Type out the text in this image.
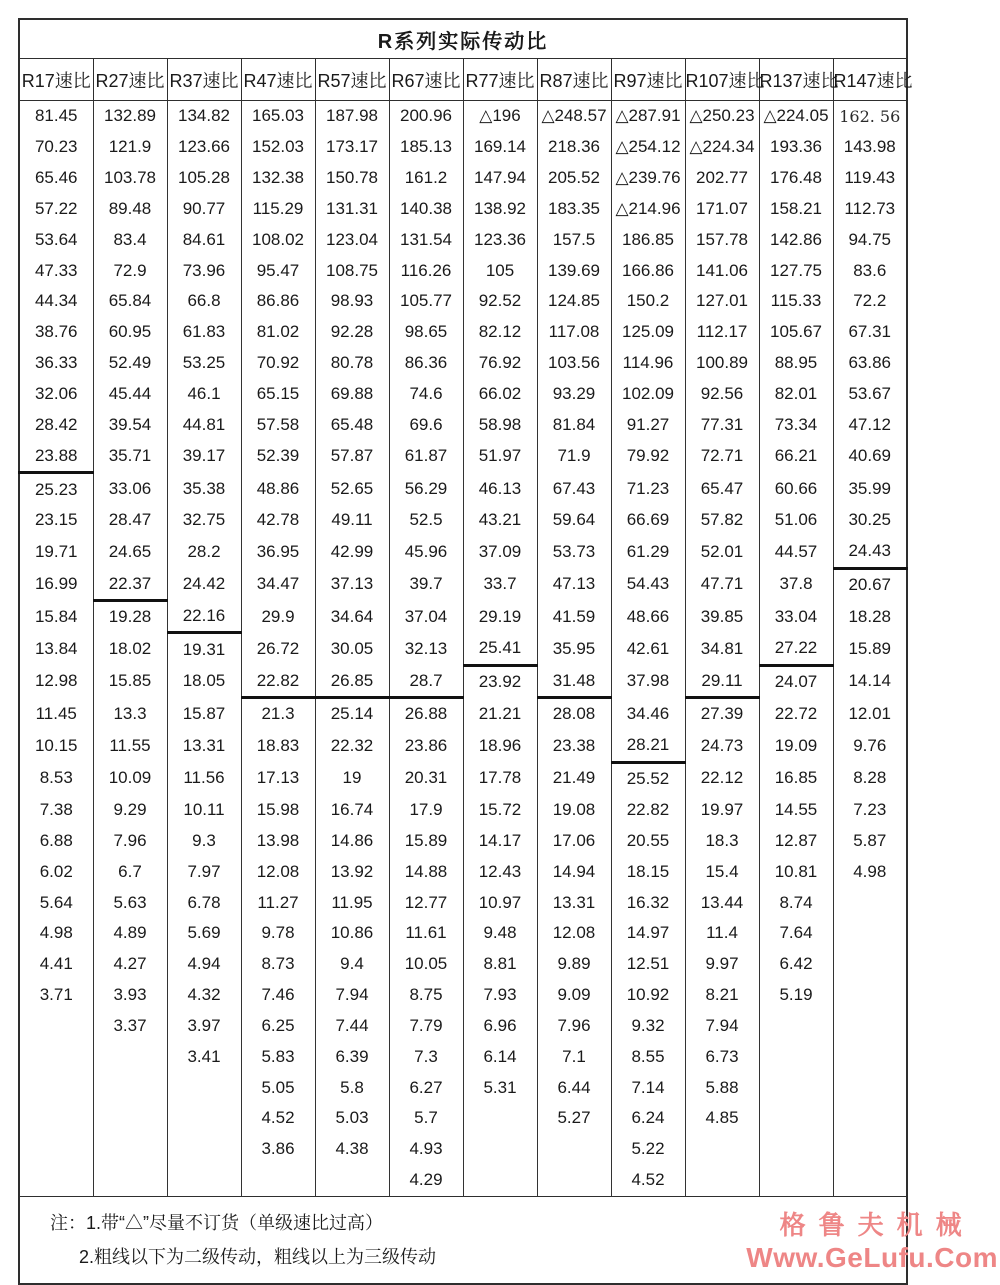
R系列实际传动比											
R17速比	R27速比	R37速比	R47速比	R57速比	R67速比	R77速比	R87速比	R97速比	R107速比	R137速比	R147速比
81.45	132.89	134.82	165.03	187.98	200.96	△196	△248.57	△287.91	△250.23	△224.05	162. 56
70.23	121.9	123.66	152.03	173.17	185.13	169.14	218.36	△254.12	△224.34	193.36	143.98
65.46	103.78	105.28	132.38	150.78	161.2	147.94	205.52	△239.76	202.77	176.48	119.43
57.22	89.48	90.77	115.29	131.31	140.38	138.92	183.35	△214.96	171.07	158.21	112.73
53.64	83.4	84.61	108.02	123.04	131.54	123.36	157.5	186.85	157.78	142.86	94.75
47.33	72.9	73.96	95.47	108.75	116.26	105	139.69	166.86	141.06	127.75	83.6
44.34	65.84	66.8	86.86	98.93	105.77	92.52	124.85	150.2	127.01	115.33	72.2
38.76	60.95	61.83	81.02	92.28	98.65	82.12	117.08	125.09	112.17	105.67	67.31
36.33	52.49	53.25	70.92	80.78	86.36	76.92	103.56	114.96	100.89	88.95	63.86
32.06	45.44	46.1	65.15	69.88	74.6	66.02	93.29	102.09	92.56	82.01	53.67
28.42	39.54	44.81	57.58	65.48	69.6	58.98	81.84	91.27	77.31	73.34	47.12
23.88	35.71	39.17	52.39	57.87	61.87	51.97	71.9	79.92	72.71	66.21	40.69
25.23	33.06	35.38	48.86	52.65	56.29	46.13	67.43	71.23	65.47	60.66	35.99
23.15	28.47	32.75	42.78	49.11	52.5	43.21	59.64	66.69	57.82	51.06	30.25
19.71	24.65	28.2	36.95	42.99	45.96	37.09	53.73	61.29	52.01	44.57	24.43
16.99	22.37	24.42	34.47	37.13	39.7	33.7	47.13	54.43	47.71	37.8	20.67
15.84	19.28	22.16	29.9	34.64	37.04	29.19	41.59	48.66	39.85	33.04	18.28
13.84	18.02	19.31	26.72	30.05	32.13	25.41	35.95	42.61	34.81	27.22	15.89
12.98	15.85	18.05	22.82	26.85	28.7	23.92	31.48	37.98	29.11	24.07	14.14
11.45	13.3	15.87	21.3	25.14	26.88	21.21	28.08	34.46	27.39	22.72	12.01
10.15	11.55	13.31	18.83	22.32	23.86	18.96	23.38	28.21	24.73	19.09	9.76
8.53	10.09	11.56	17.13	19	20.31	17.78	21.49	25.52	22.12	16.85	8.28
7.38	9.29	10.11	15.98	16.74	17.9	15.72	19.08	22.82	19.97	14.55	7.23
6.88	7.96	9.3	13.98	14.86	15.89	14.17	17.06	20.55	18.3	12.87	5.87
6.02	6.7	7.97	12.08	13.92	14.88	12.43	14.94	18.15	15.4	10.81	4.98
5.64	5.63	6.78	11.27	11.95	12.77	10.97	13.31	16.32	13.44	8.74	
4.98	4.89	5.69	9.78	10.86	11.61	9.48	12.08	14.97	11.4	7.64	
4.41	4.27	4.94	8.73	9.4	10.05	8.81	9.89	12.51	9.97	6.42	
3.71	3.93	4.32	7.46	7.94	8.75	7.93	9.09	10.92	8.21	5.19	
	3.37	3.97	6.25	7.44	7.79	6.96	7.96	9.32	7.94		
		3.41	5.83	6.39	7.3	6.14	7.1	8.55	6.73		
			5.05	5.8	6.27	5.31	6.44	7.14	5.88		
			4.52	5.03	5.7		5.27	6.24	4.85		
			3.86	4.38	4.93			5.22			
					4.29			4.52			

注：1.带“△”尽量不订货（单级速比过高）
2.粗线以下为二级传动，粗线以上为三级传动											
格鲁夫机械
Www.GeLufu.Com
